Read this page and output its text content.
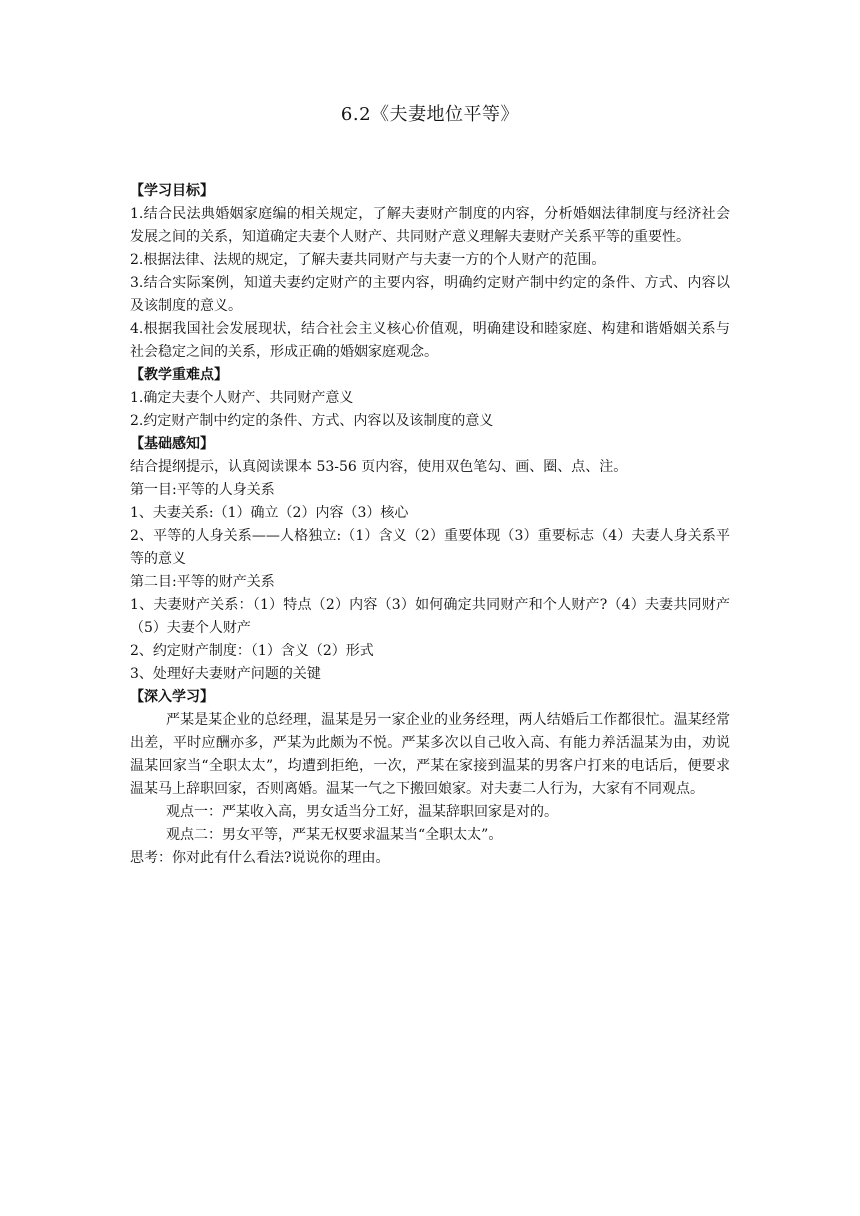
6.2《夫妻地位平等》

【学习目标】

1.结合民法典婚姻家庭编的相关规定，了解夫妻财产制度的内容，分析婚姻法律制度与经济社会发展之间的关系，知道确定夫妻个人财产、共同财产意义理解夫妻财产关系平等的重要性。

2.根据法律、法规的规定，了解夫妻共同财产与夫妻一方的个人财产的范围。

3.结合实际案例，知道夫妻约定财产的主要内容，明确约定财产制中约定的条件、方式、内容以及该制度的意义。

4.根据我国社会发展现状，结合社会主义核心价值观，明确建设和睦家庭、构建和谐婚姻关系与社会稳定之间的关系，形成正确的婚姻家庭观念。

【教学重难点】

1.确定夫妻个人财产、共同财产意义

2.约定财产制中约定的条件、方式、内容以及该制度的意义

【基础感知】

结合提纲提示，认真阅读课本 53-56 页内容，使用双色笔勾、画、圈、点、注。

第一目:平等的人身关系

1、夫妻关系:（1）确立（2）内容（3）核心

2、平等的人身关系——人格独立:（1）含义（2）重要体现（3）重要标志（4）夫妻人身关系平等的意义

第二目:平等的财产关系

1、夫妻财产关系：（1）特点（2）内容（3）如何确定共同财产和个人财产?（4）夫妻共同财产（5）夫妻个人财产

2、约定财产制度：（1）含义（2）形式

3、处理好夫妻财产问题的关键

【深入学习】

严某是某企业的总经理，温某是另一家企业的业务经理，两人结婚后工作都很忙。温某经常出差，平时应酬亦多，严某为此颇为不悦。严某多次以自己收入高、有能力养活温某为由，劝说温某回家当“全职太太”，均遭到拒绝，一次，严某在家接到温某的男客户打来的电话后，便要求温某马上辞职回家，否则离婚。温某一气之下搬回娘家。对夫妻二人行为，大家有不同观点。

观点一：严某收入高，男女适当分工好，温某辞职回家是对的。

观点二：男女平等，严某无权要求温某当“全职太太”。

思考：你对此有什么看法?说说你的理由。
